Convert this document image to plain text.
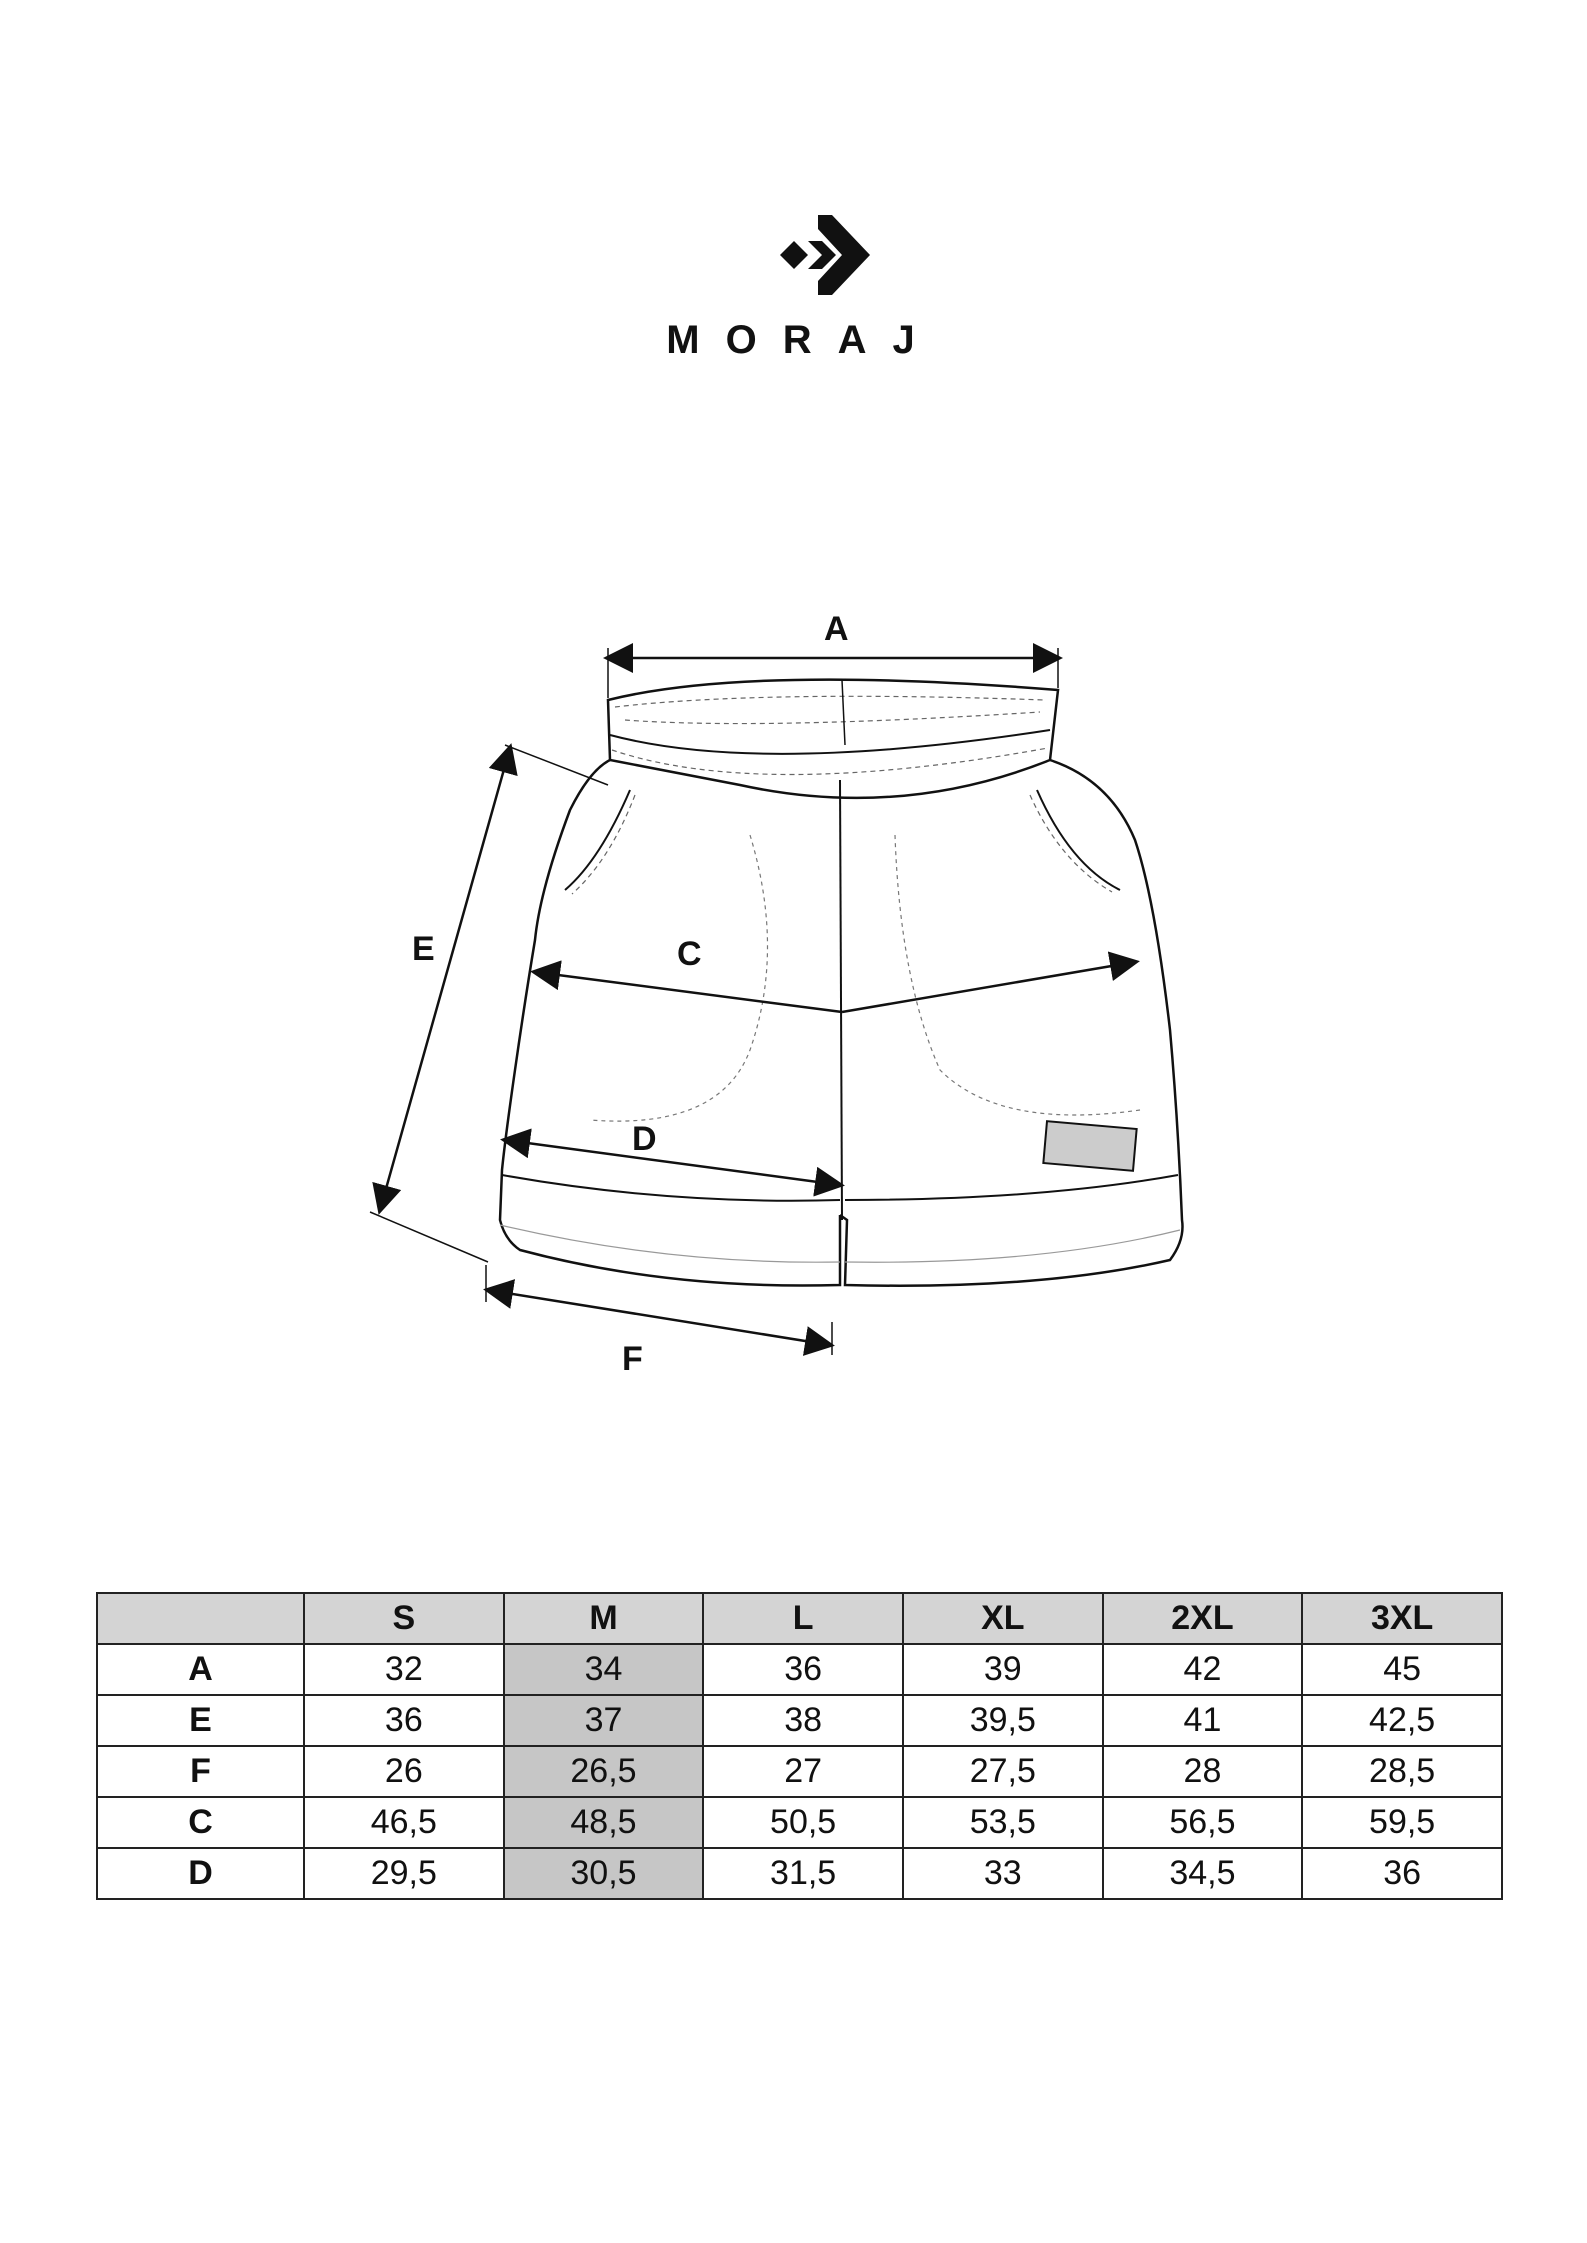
MORAJ
A
C
D
E
F
	S	M	L	XL	2XL	3XL
A	32	34	36	39	42	45
E	36	37	38	39,5	41	42,5
F	26	26,5	27	27,5	28	28,5
C	46,5	48,5	50,5	53,5	56,5	59,5
D	29,5	30,5	31,5	33	34,5	36
